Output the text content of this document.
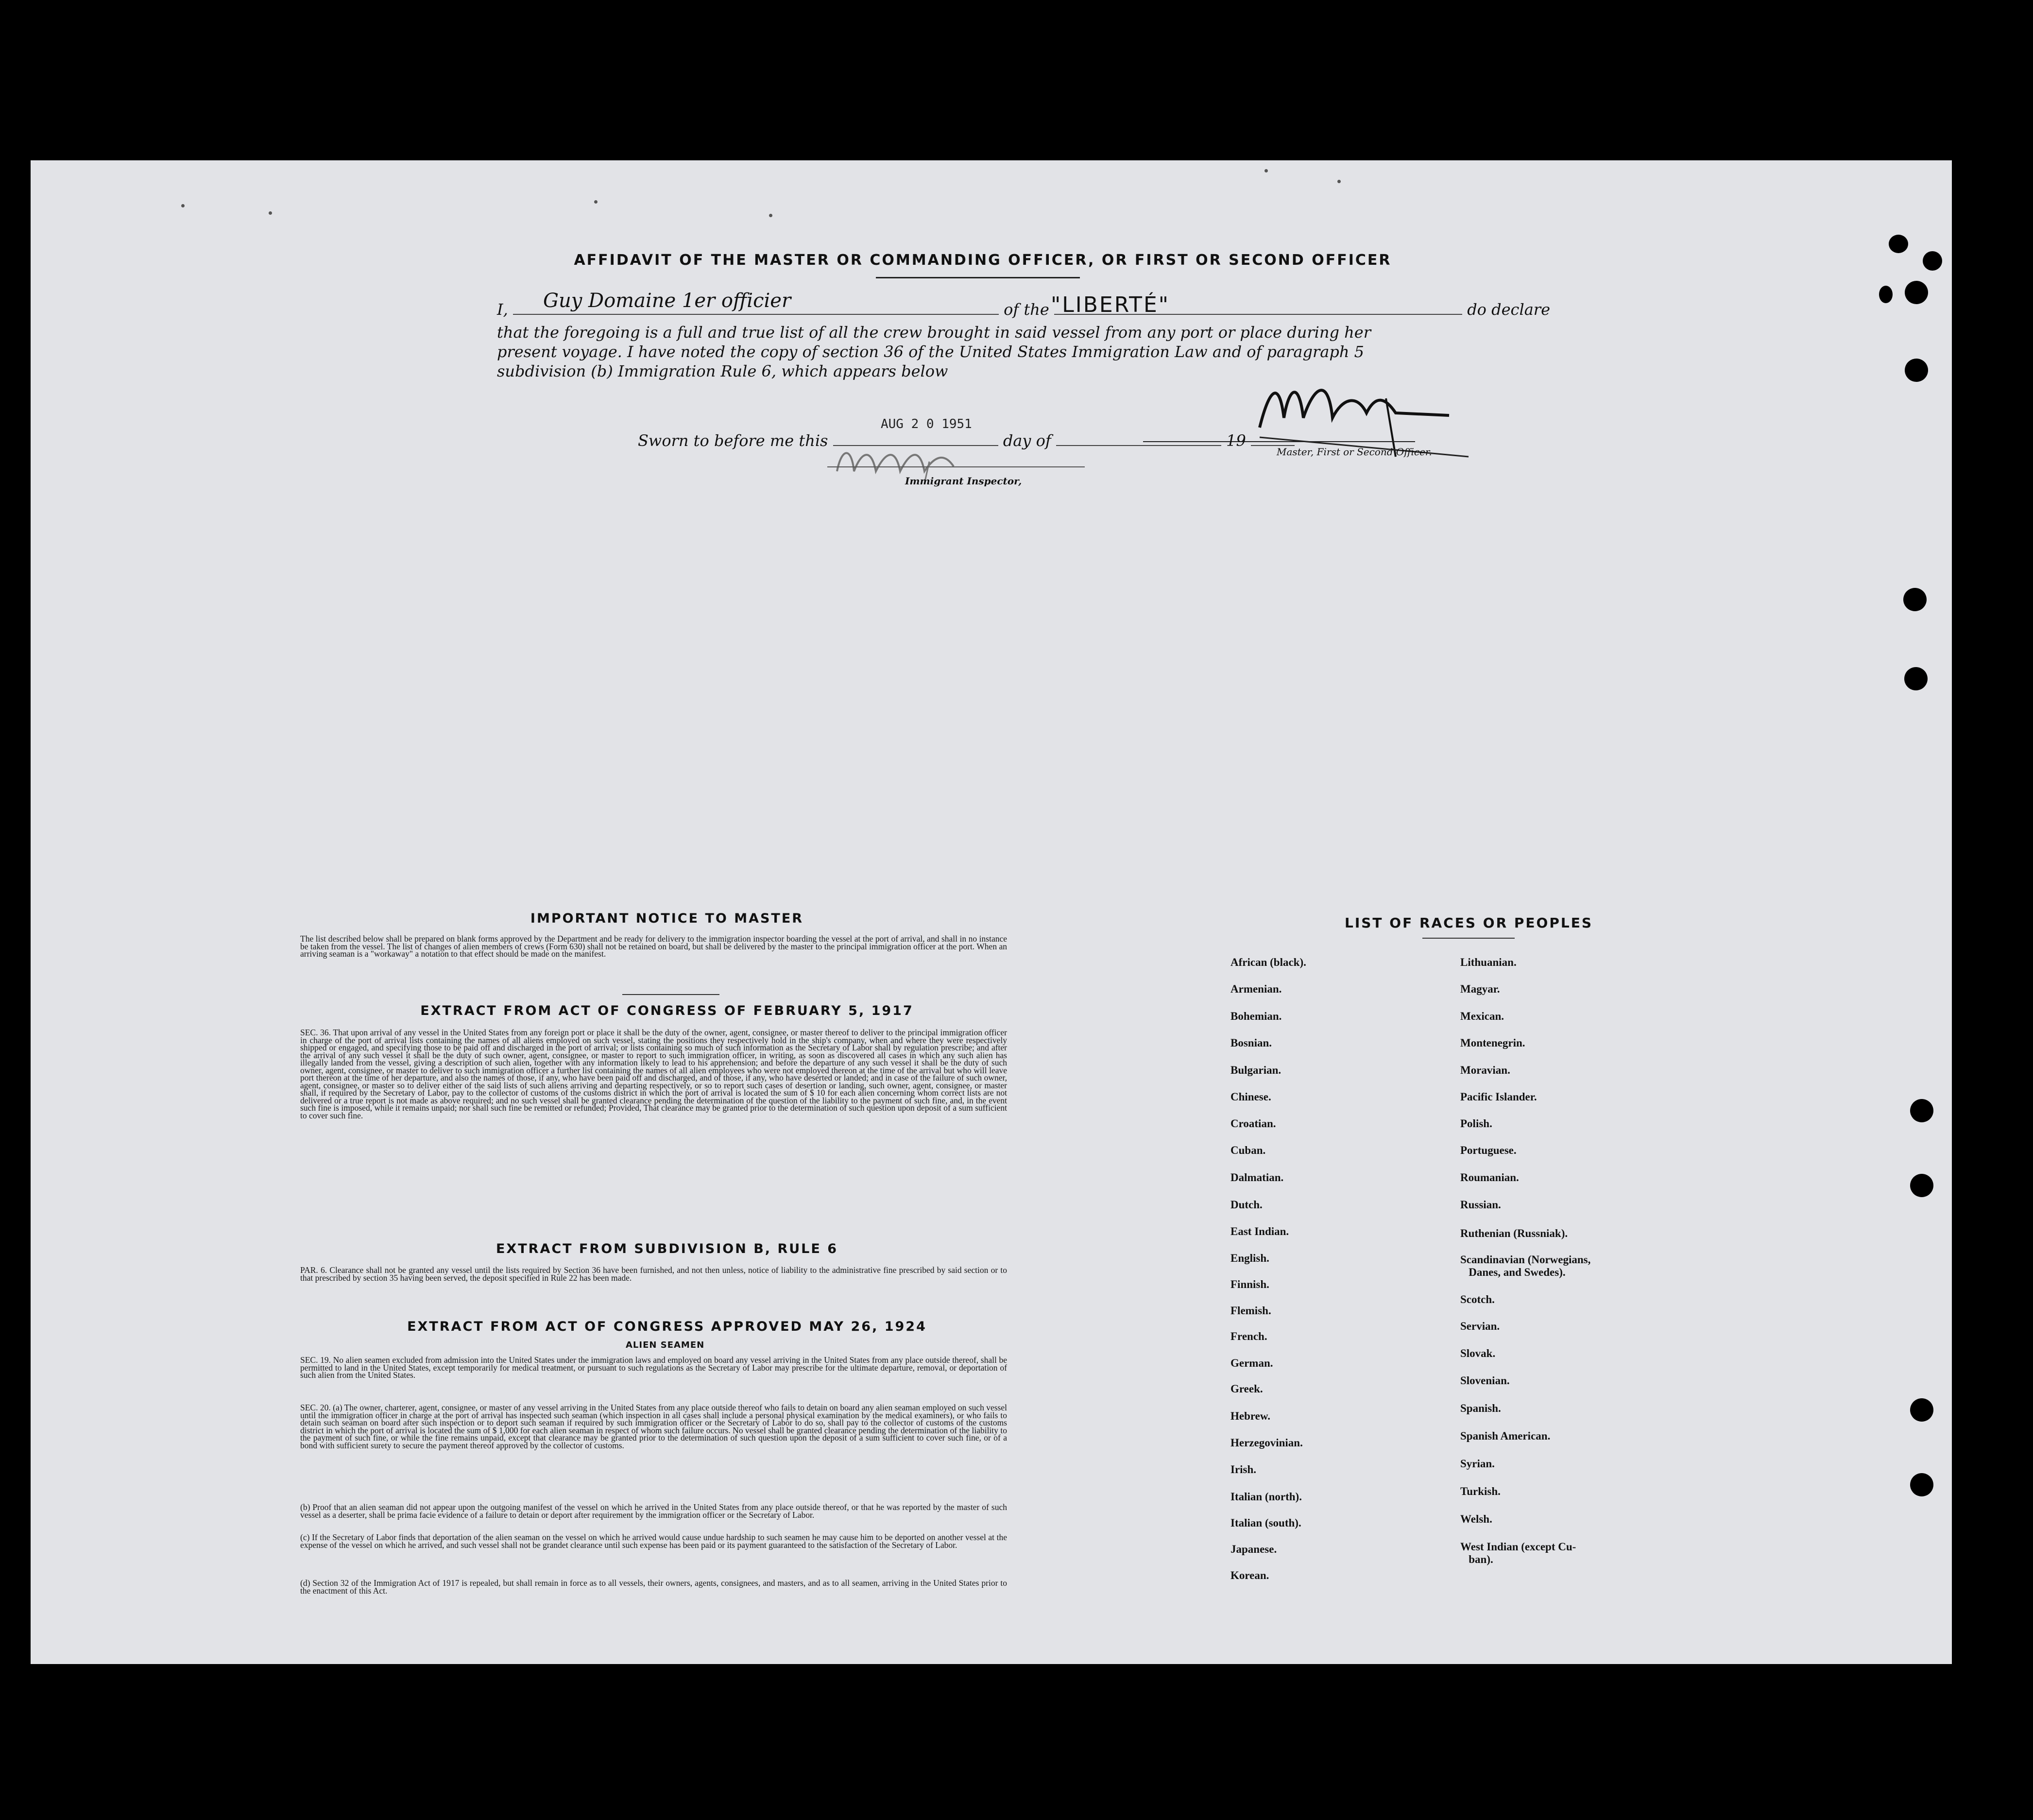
AFFIDAVIT OF THE MASTER OR COMMANDING OFFICER, OR FIRST OR SECOND OFFICER
I,	of the	do declare
Guy Domaine 1er officier	"LIBERTÉ"
that the foregoing is a full and true list of all the crew brought in said vessel from any port or place during her
present voyage. I have noted the copy of section 36 of the United States Immigration Law and of paragraph 5
subdivision (b) Immigration Rule 6, which appears below
Master, First or Second Officer.
Sworn to before me this	day of	19
AUG 2 0 1951
Immigrant Inspector,
IMPORTANT NOTICE TO MASTER
The list described below shall be prepared on blank forms approved by the Department and be ready for delivery to the immigration inspector boarding the vessel at the port of arrival, and shall in no instance be taken from the vessel. The list of changes of alien members of crews (Form 630) shall not be retained on board, but shall be delivered by the master to the principal immigration officer at the port. When an arriving seaman is a "workaway" a notation to that effect should be made on the manifest.
EXTRACT FROM ACT OF CONGRESS OF FEBRUARY 5, 1917
SEC. 36. That upon arrival of any vessel in the United States from any foreign port or place it shall be the duty of the owner, agent, consignee, or master thereof to deliver to the principal immigration officer in charge of the port of arrival lists containing the names of all aliens employed on such vessel, stating the positions they respectively hold in the ship's company, when and where they were respectively shipped or engaged, and specifying those to be paid off and discharged in the port of arrival; or lists containing so much of such information as the Secretary of Labor shall by regulation prescribe; and after the arrival of any such vessel it shall be the duty of such owner, agent, consignee, or master to report to such immigration officer, in writing, as soon as discovered all cases in which any such alien has illegally landed from the vessel, giving a description of such alien, together with any information likely to lead to his apprehension; and before the departure of any such vessel it shall be the duty of such owner, agent, consignee, or master to deliver to such immigration officer a further list containing the names of all alien employees who were not employed thereon at the time of the arrival but who will leave port thereon at the time of her departure, and also the names of those, if any, who have been paid off and discharged, and of those, if any, who have deserted or landed; and in case of the failure of such owner, agent, consignee, or master so to deliver either of the said lists of such aliens arriving and departing respectively, or so to report such cases of desertion or landing, such owner, agent, consignee, or master shall, if required by the Secretary of Labor, pay to the collector of customs of the customs district in which the port of arrival is located the sum of $ 10 for each alien concerning whom correct lists are not delivered or a true report is not made as above required; and no such vessel shall be granted clearance pending the determination of the question of the liability to the payment of such fine, and, in the event such fine is imposed, while it remains unpaid; nor shall such fine be remitted or refunded; Provided, That clearance may be granted prior to the determination of such question upon deposit of a sum sufficient to cover such fine.
EXTRACT FROM SUBDIVISION B, RULE 6
PAR. 6. Clearance shall not be granted any vessel until the lists required by Section 36 have been furnished, and not then unless, notice of liability to the administrative fine prescribed by said section or to that prescribed by section 35 having been served, the deposit specified in Rule 22 has been made.
EXTRACT FROM ACT OF CONGRESS APPROVED MAY 26, 1924
ALIEN SEAMEN
SEC. 19. No alien seamen excluded from admission into the United States under the immigration laws and employed on board any vessel arriving in the United States from any place outside thereof, shall be permitted to land in the United States, except temporarily for medical treatment, or pursuant to such regulations as the Secretary of Labor may prescribe for the ultimate departure, removal, or deportation of such alien from the United States.
SEC. 20. (a) The owner, charterer, agent, consignee, or master of any vessel arriving in the United States from any place outside thereof who fails to detain on board any alien seaman employed on such vessel until the immigration officer in charge at the port of arrival has inspected such seaman (which inspection in all cases shall include a personal physical examination by the medical examiners), or who fails to detain such seaman on board after such inspection or to deport such seaman if required by such immigration officer or the Secretary of Labor to do so, shall pay to the collector of customs of the customs district in which the port of arrival is located the sum of $ 1,000 for each alien seaman in respect of whom such failure occurs. No vessel shall be granted clearance pending the determination of the liability to the payment of such fine, or while the fine remains unpaid, except that clearance may be granted prior to the determination of such question upon the deposit of a sum sufficient to cover such fine, or of a bond with sufficient surety to secure the payment thereof approved by the collector of customs.
(b) Proof that an alien seaman did not appear upon the outgoing manifest of the vessel on which he arrived in the United States from any place outside thereof, or that he was reported by the master of such vessel as a deserter, shall be prima facie evidence of a failure to detain or deport after requirement by the immigration officer or the Secretary of Labor.
(c) If the Secretary of Labor finds that deportation of the alien seaman on the vessel on which he arrived would cause undue hardship to such seamen he may cause him to be deported on another vessel at the expense of the vessel on which he arrived, and such vessel shall not be grandet clearance until such expense has been paid or its payment guaranteed to the satisfaction of the Secretary of Labor.
(d) Section 32 of the Immigration Act of 1917 is repealed, but shall remain in force as to all vessels, their owners, agents, consignees, and masters, and as to all seamen, arriving in the United States prior to the enactment of this Act.
LIST OF RACES OR PEOPLES
African (black).
Armenian.
Bohemian.
Bosnian.
Bulgarian.
Chinese.
Croatian.
Cuban.
Dalmatian.
Dutch.
East Indian.
English.
Finnish.
Flemish.
French.
German.
Greek.
Hebrew.
Herzegovinian.
Irish.
Italian (north).
Italian (south).
Japanese.
Korean.
Lithuanian.
Magyar.
Mexican.
Montenegrin.
Moravian.
Pacific Islander.
Polish.
Portuguese.
Roumanian.
Russian.
Ruthenian (Russniak).
Scandinavian (Norwegians,
Danes, and Swedes).
Scotch.
Servian.
Slovak.
Slovenian.
Spanish.
Spanish American.
Syrian.
Turkish.
Welsh.
West Indian (except Cu-
ban).
